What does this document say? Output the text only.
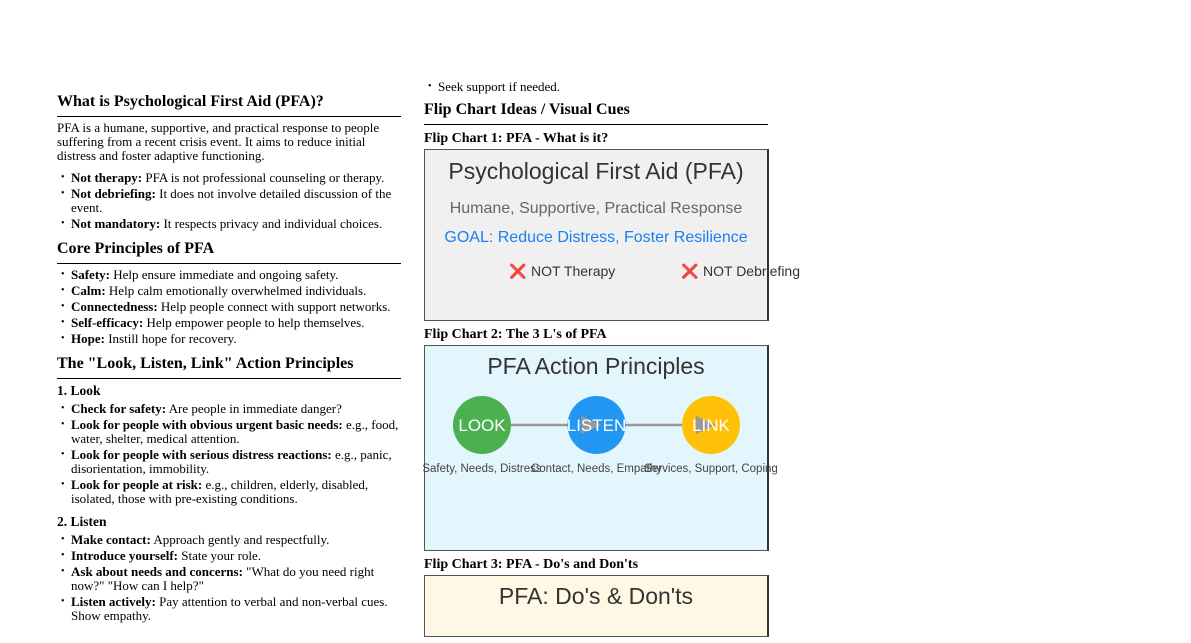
What is Psychological First Aid (PFA)?

PFA is a humane, supportive, and practical response to people suffering from a recent crisis event. It aims to reduce initial distress and foster adaptive functioning.

• Not therapy: PFA is not professional counseling or therapy.
• Not debriefing: It does not involve detailed discussion of the event.
• Not mandatory: It respects privacy and individual choices.
Core Principles of PFA
• Safety: Help ensure immediate and ongoing safety.
• Calm: Help calm emotionally overwhelmed individuals.
• Connectedness: Help people connect with support networks.
• Self-efficacy: Help empower people to help themselves.
• Hope: Instill hope for recovery.
The "Look, Listen, Link" Action Principles
1. Look
• Check for safety: Are people in immediate danger?
• Look for people with obvious urgent basic needs: e.g., food, water, shelter, medical attention.
• Look for people with serious distress reactions: e.g., panic, disorientation, immobility.
• Look for people at risk: e.g., children, elderly, disabled, isolated, those with pre-existing conditions.
2. Listen
• Make contact: Approach gently and respectfully.
• Introduce yourself: State your role.
• Ask about needs and concerns: "What do you need right now?" "How can I help?"
• Listen actively: Pay attention to verbal and non-verbal cues. Show empathy.
• Seek support if needed.
Flip Chart Ideas / Visual Cues
Flip Chart 1: PFA - What is it?
Psychological First Aid (PFA)
Humane, Supportive, Practical Response
GOAL: Reduce Distress, Foster Resilience
❌ NOT Therapy	❌ NOT Debriefing
Flip Chart 2: The 3 L's of PFA
PFA Action Principles
LOOK
Safety, Needs, Distress
LISTEN
Contact, Needs, Empathy
LINK
Services, Support, Coping
Flip Chart 3: PFA - Do's and Don'ts
PFA: Do's & Don'ts
